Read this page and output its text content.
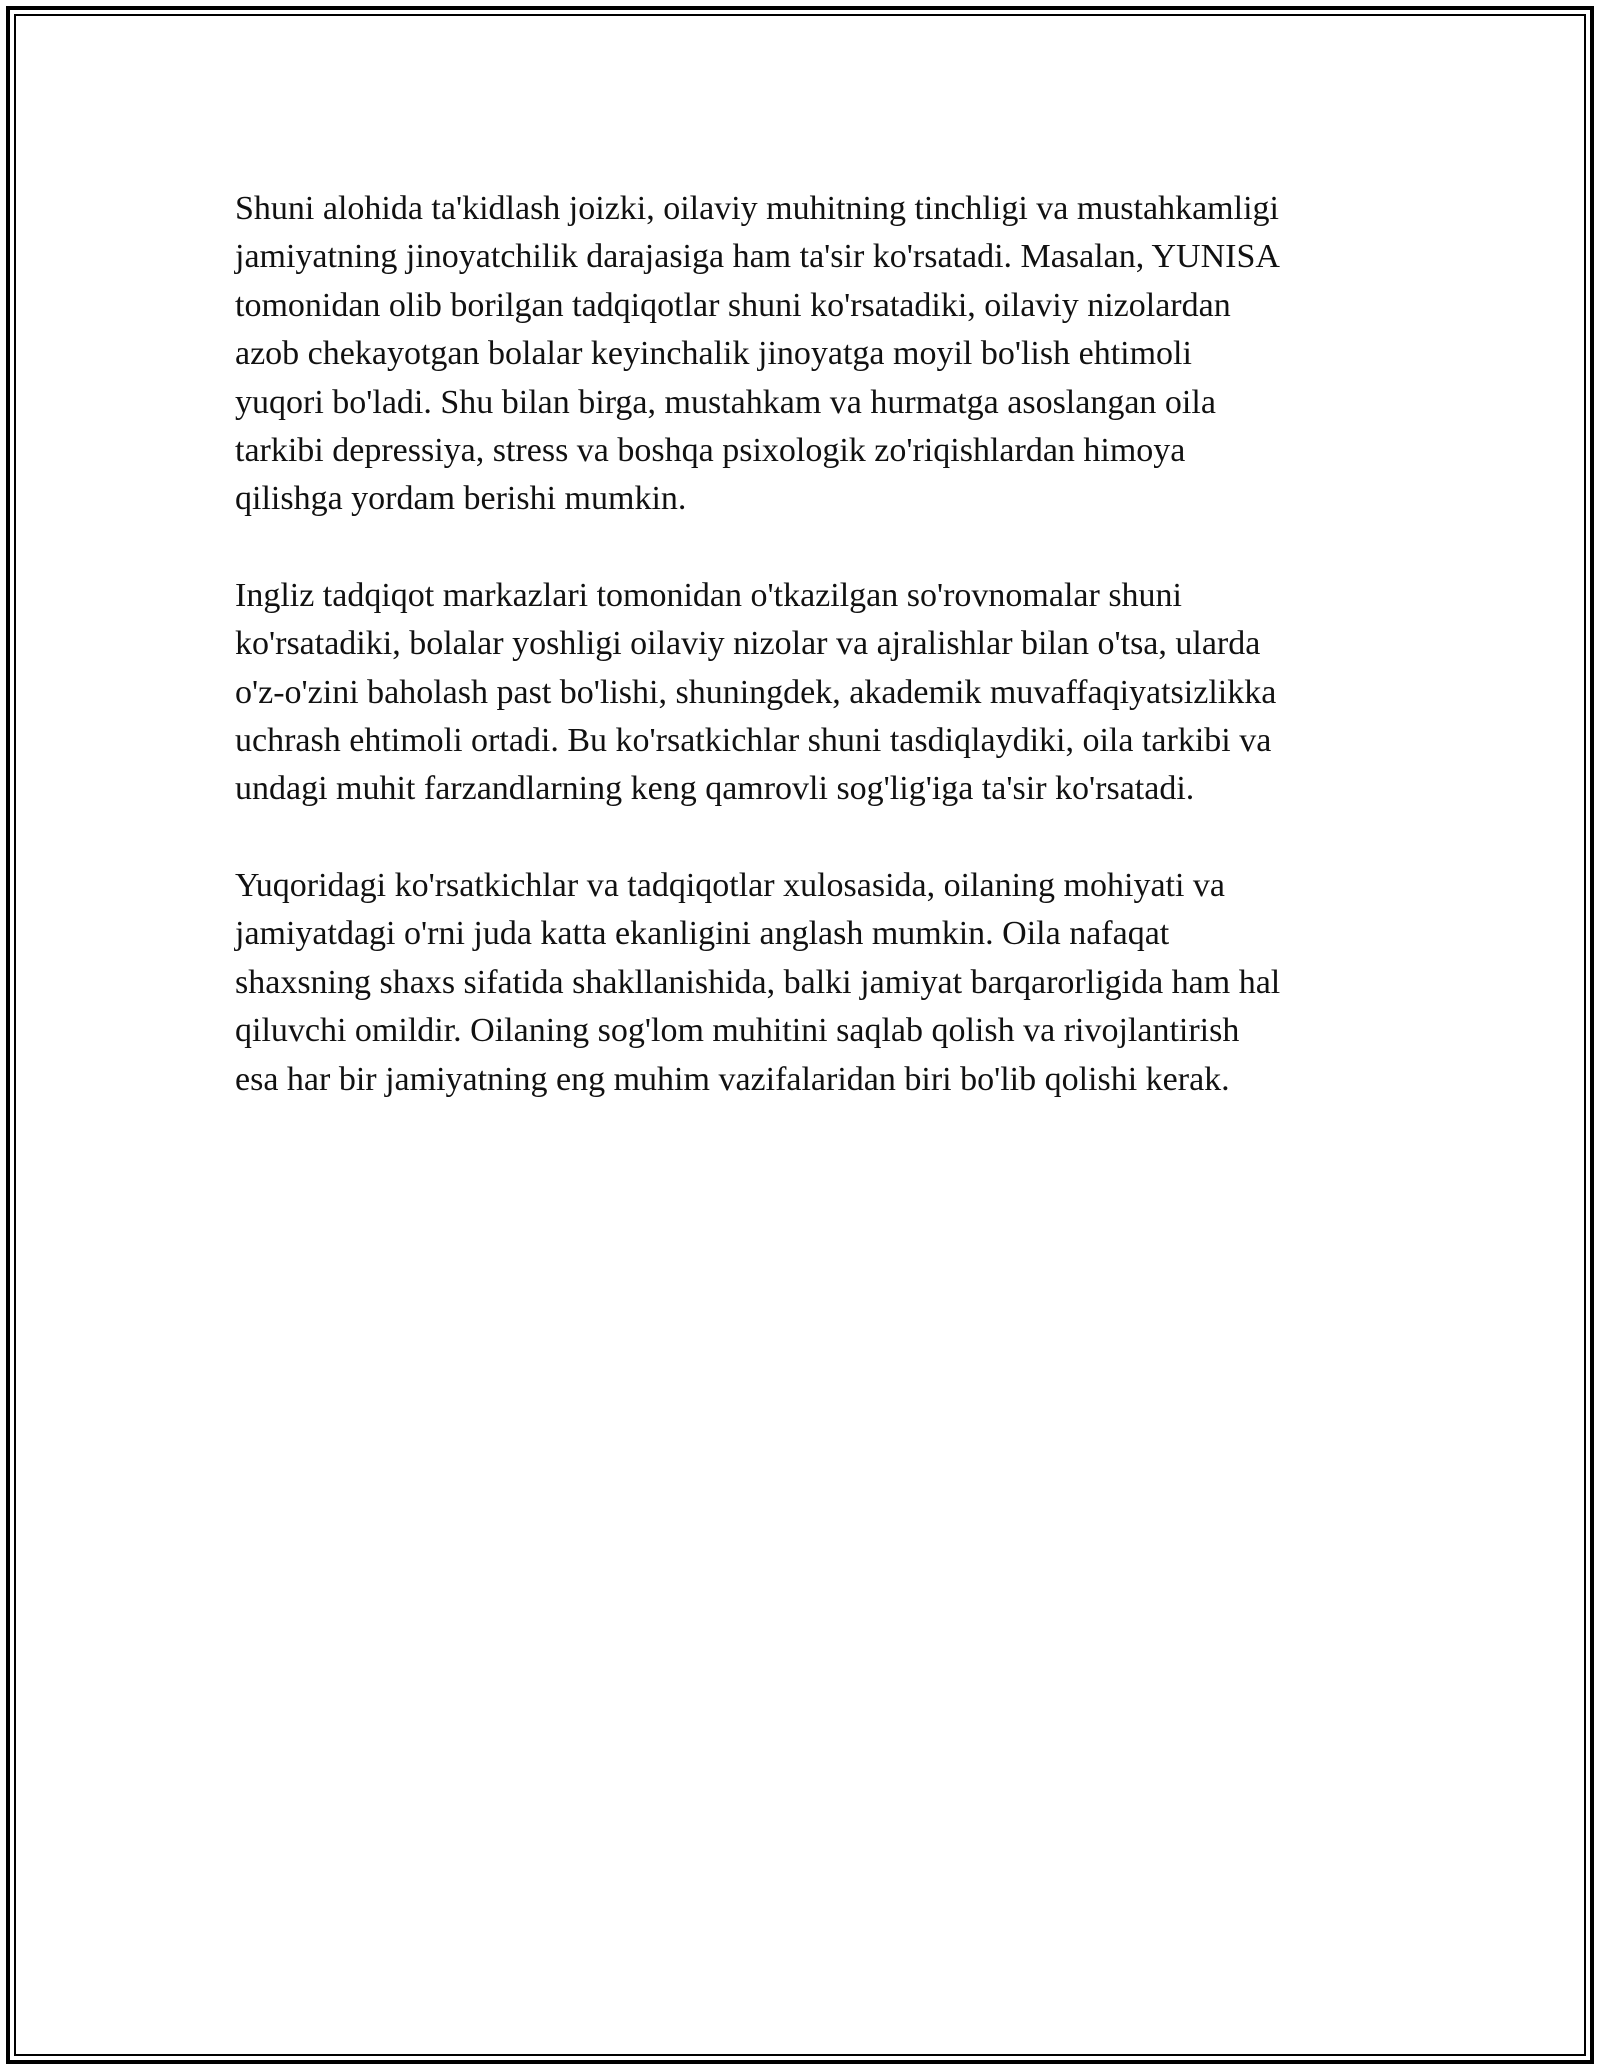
Shuni alohida ta'kidlash joizki, oilaviy muhitning tinchligi va mustahkamligi
jamiyatning jinoyatchilik darajasiga ham ta'sir ko'rsatadi. Masalan, YUNISA
tomonidan olib borilgan tadqiqotlar shuni ko'rsatadiki, oilaviy nizolardan
azob chekayotgan bolalar keyinchalik jinoyatga moyil bo'lish ehtimoli
yuqori bo'ladi. Shu bilan birga, mustahkam va hurmatga asoslangan oila
tarkibi depressiya, stress va boshqa psixologik zo'riqishlardan himoya
qilishga yordam berishi mumkin.

Ingliz tadqiqot markazlari tomonidan o'tkazilgan so'rovnomalar shuni
ko'rsatadiki, bolalar yoshligi oilaviy nizolar va ajralishlar bilan o'tsa, ularda
o'z-o'zini baholash past bo'lishi, shuningdek, akademik muvaffaqiyatsizlikka
uchrash ehtimoli ortadi. Bu ko'rsatkichlar shuni tasdiqlaydiki, oila tarkibi va
undagi muhit farzandlarning keng qamrovli sog'lig'iga ta'sir ko'rsatadi.

Yuqoridagi ko'rsatkichlar va tadqiqotlar xulosasida, oilaning mohiyati va
jamiyatdagi o'rni juda katta ekanligini anglash mumkin. Oila nafaqat
shaxsning shaxs sifatida shakllanishida, balki jamiyat barqarorligida ham hal
qiluvchi omildir. Oilaning sog'lom muhitini saqlab qolish va rivojlantirish
esa har bir jamiyatning eng muhim vazifalaridan biri bo'lib qolishi kerak.
